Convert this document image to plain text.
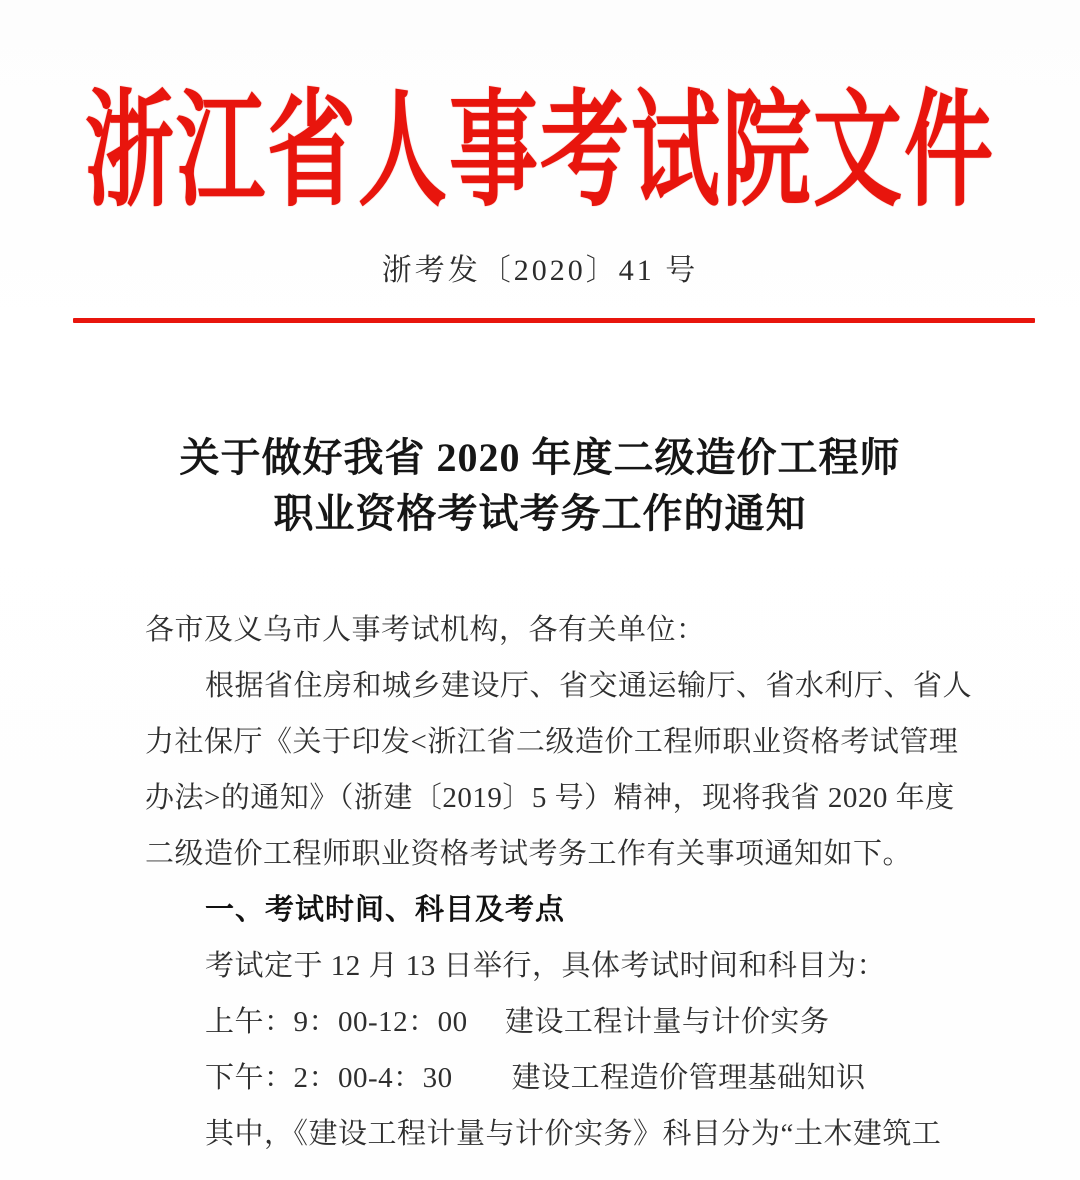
浙江省人事考试院文件
浙考发〔2020〕41 号
关于做好我省 2020 年度二级造价工程师
职业资格考试考务工作的通知
各市及义乌市人事考试机构，各有关单位：
根据省住房和城乡建设厅、省交通运输厅、省水利厅、省人
力社保厅《关于印发<浙江省二级造价工程师职业资格考试管理
办法>的通知》（浙建〔2019〕5 号）精神，现将我省 2020 年度
二级造价工程师职业资格考试考务工作有关事项通知如下。
一、考试时间、科目及考点
考试定于 12 月 13 日举行，具体考试时间和科目为：
上午：9：00-12：00　 建设工程计量与计价实务
下午：2：00-4：30　　建设工程造价管理基础知识
其中，《建设工程计量与计价实务》科目分为“土木建筑工
